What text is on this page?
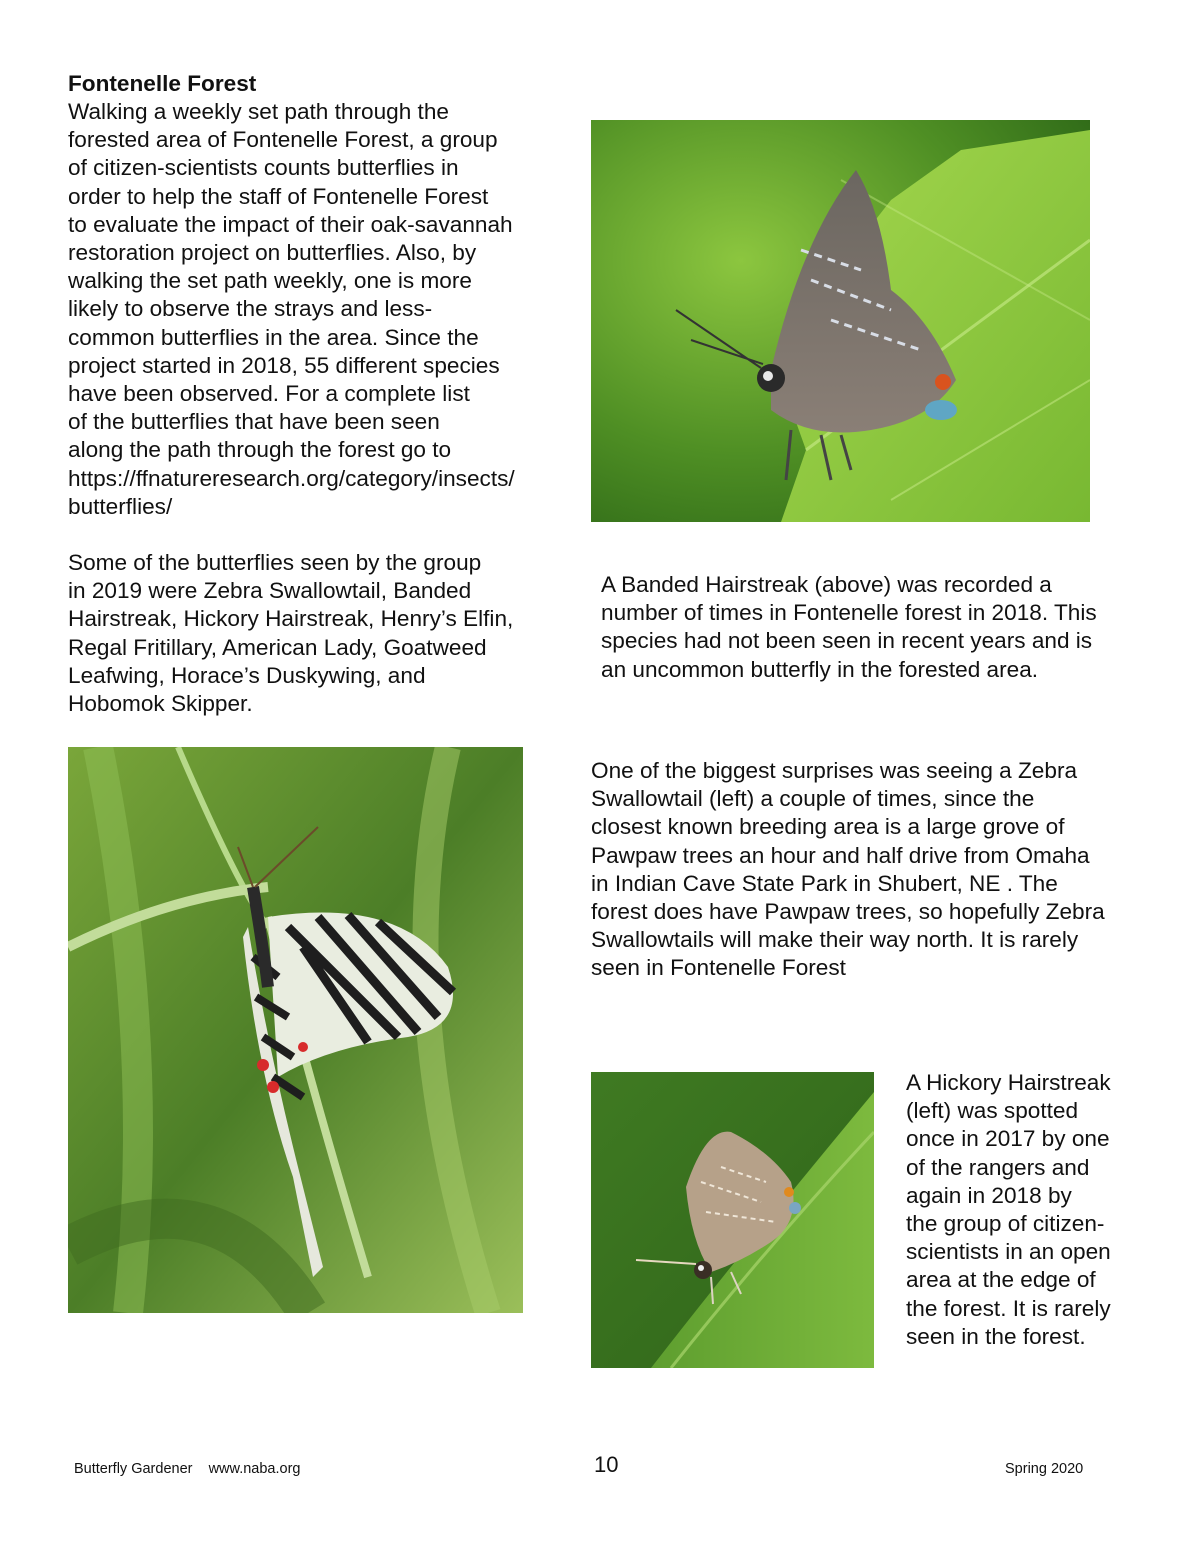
Fontenelle Forest

Walking a weekly set path through the
forested area of Fontenelle Forest, a group
of citizen-scientists counts butterflies in
order to help the staff of Fontenelle Forest
to evaluate the impact of their oak-savannah
restoration project on butterflies. Also, by
walking the set path weekly, one is more
likely to observe the strays and less-
common butterflies in the area. Since the
project started in 2018, 55 different species
have been observed. For a complete list
of the butterflies that have been seen
along the path through the forest go to
https://ffnatureresearch.org/category/insects/
butterflies/

Some of the butterflies seen by the group
in 2019 were Zebra Swallowtail, Banded
Hairstreak, Hickory Hairstreak, Henry’s Elfin,
Regal Fritillary, American Lady, Goatweed
Leafwing, Horace’s Duskywing, and
Hobomok Skipper.

A Banded Hairstreak (above) was recorded a
number of times in Fontenelle forest in 2018. This
species had not been seen in recent years and is
an uncommon butterfly in the forested area.

One of the biggest surprises was seeing a Zebra
Swallowtail (left) a couple of times, since the
closest known breeding area is a large grove of
Pawpaw trees an hour and half drive from Omaha
in Indian Cave State Park in Shubert, NE . The
forest does have Pawpaw trees, so hopefully Zebra
Swallowtails will make their way north. It is rarely
seen in Fontenelle Forest

A Hickory Hairstreak
(left) was spotted
once in 2017 by one
of the rangers and
again in 2018 by
the group of citizen-
scientists in an open
area at the edge of
the forest. It is rarely
seen in the forest.

Butterfly Gardener    www.naba.org	10	Spring 2020
